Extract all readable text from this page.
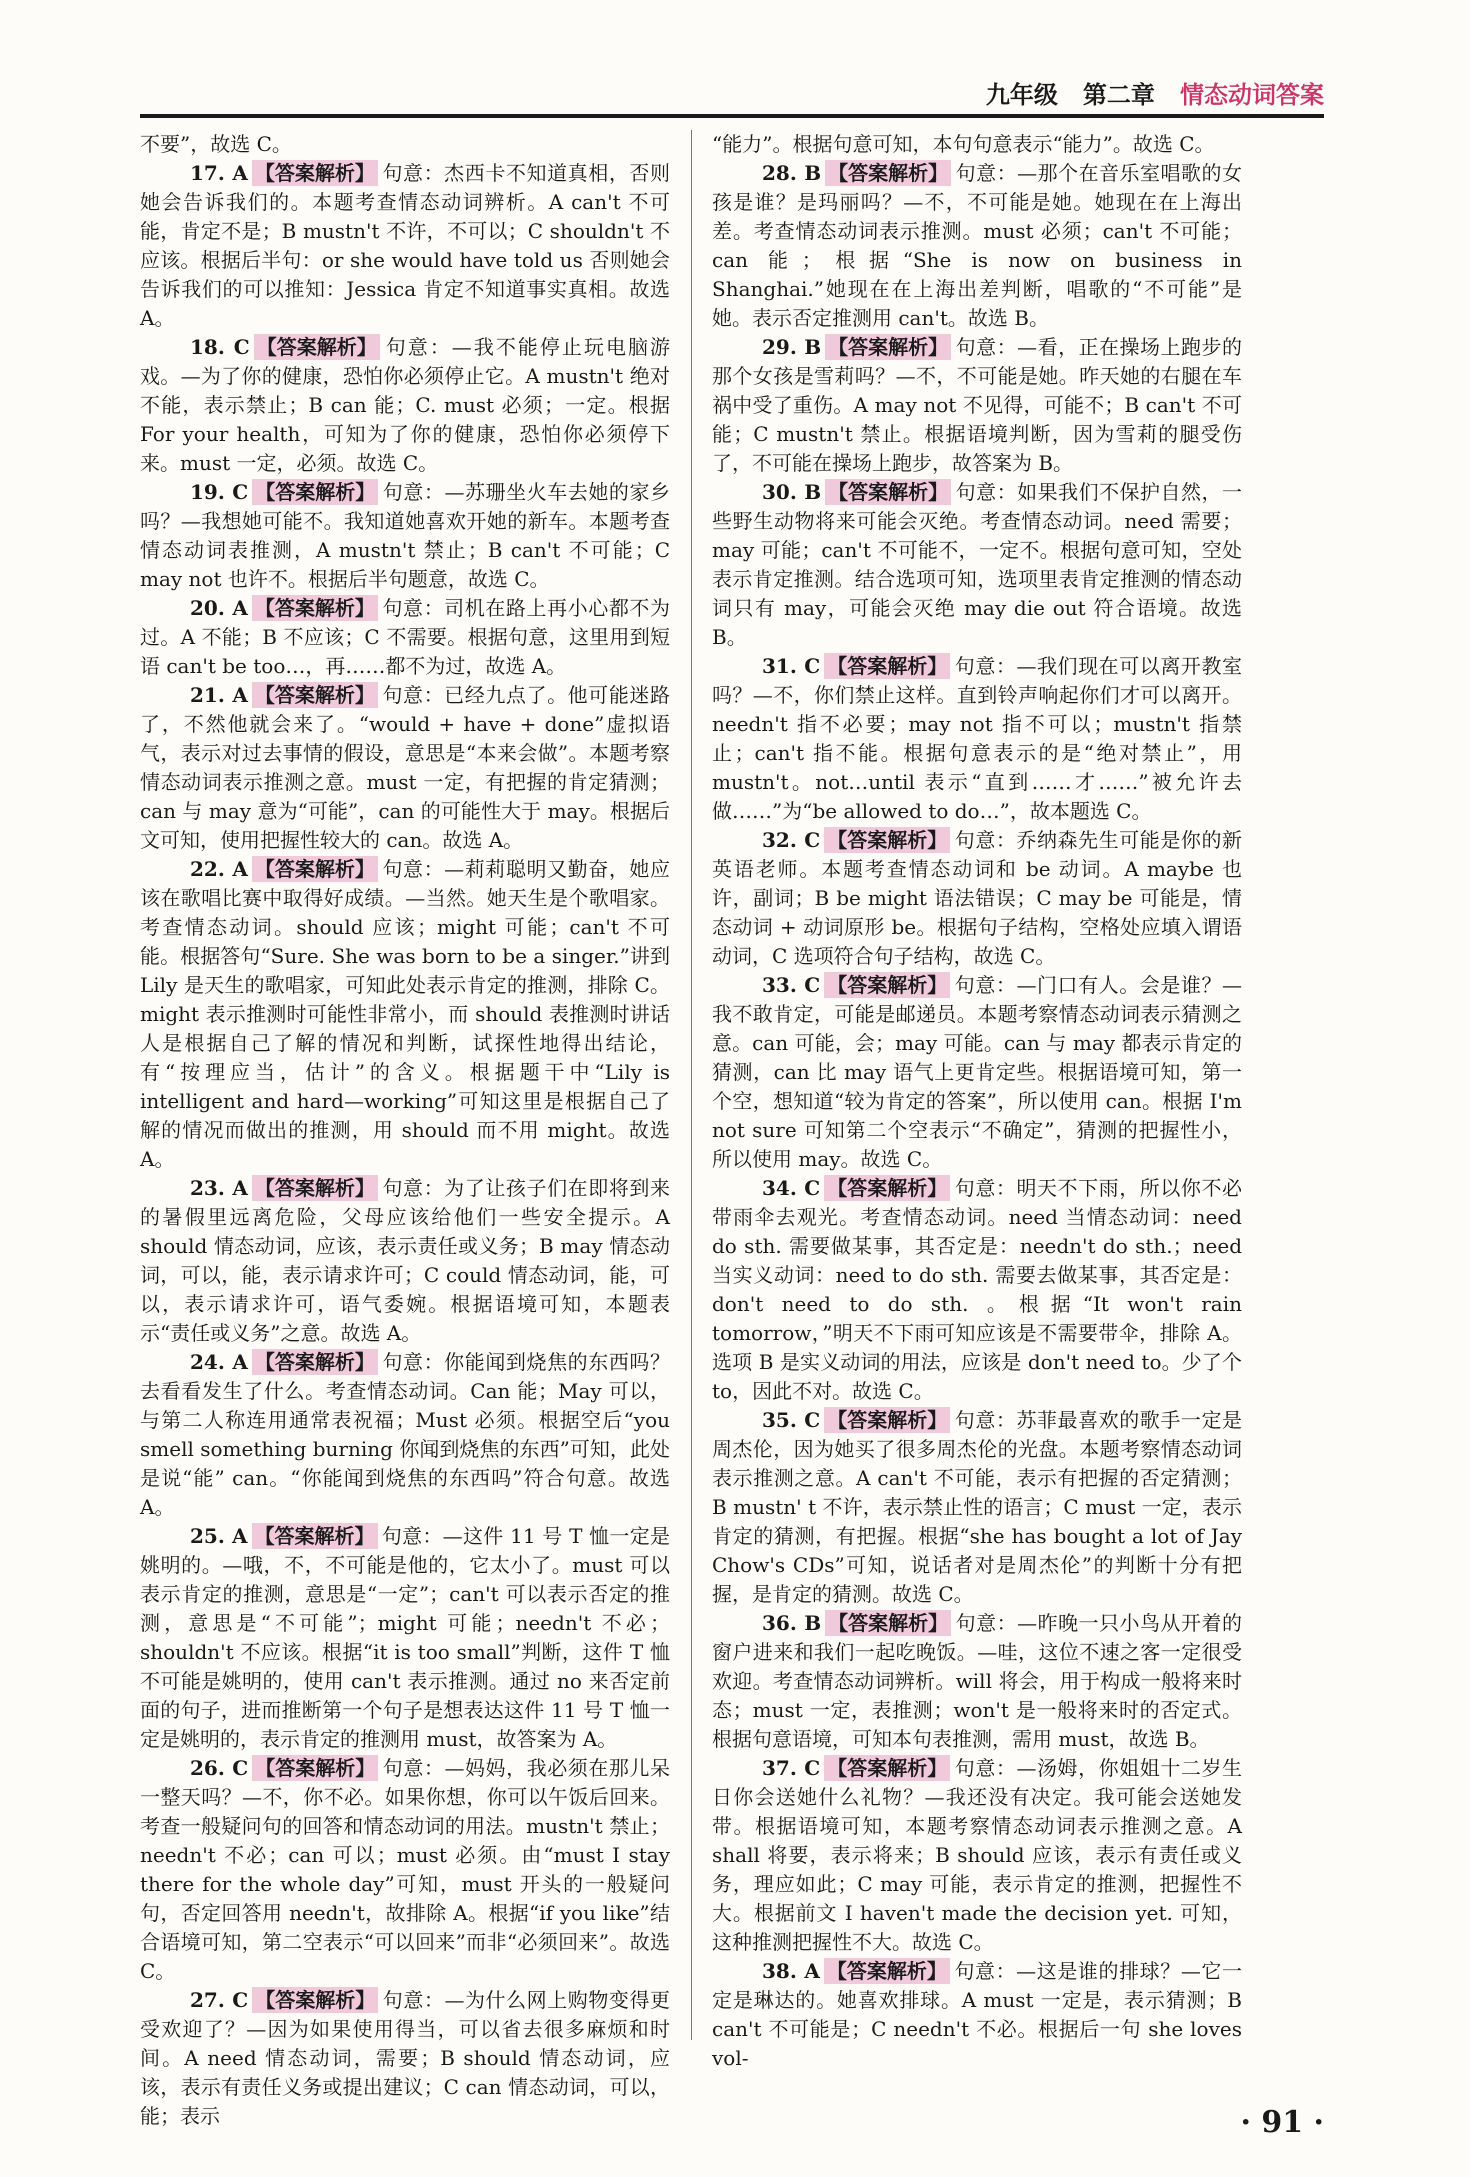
九年级 第二章 情态动词答案

不要”，故选 C。

17. A 【答案解析】 句意：杰西卡不知道真相，否则她会告诉我们的。本题考查情态动词辨析。A can't 不可能，肯定不是；B mustn't 不许，不可以；C shouldn't 不应该。根据后半句：or she would have told us 否则她会告诉我们的可以推知：Jessica 肯定不知道事实真相。故选 A。

18. C 【答案解析】 句意：—我不能停止玩电脑游戏。—为了你的健康，恐怕你必须停止它。A mustn't 绝对不能，表示禁止；B can 能；C. must 必须；一定。根据 For your health，可知为了你的健康，恐怕你必须停下来。must 一定，必须。故选 C。

19. C 【答案解析】 句意：—苏珊坐火车去她的家乡吗？—我想她可能不。我知道她喜欢开她的新车。本题考查情态动词表推测，A mustn't 禁止；B can't 不可能；C may not 也许不。根据后半句题意，故选 C。

20. A 【答案解析】 句意：司机在路上再小心都不为过。A 不能；B 不应该；C 不需要。根据句意，这里用到短语 can't be too…，再……都不为过，故选 A。

21. A 【答案解析】 句意：已经九点了。他可能迷路了，不然他就会来了。“would + have + done”虚拟语气，表示对过去事情的假设，意思是“本来会做”。本题考察情态动词表示推测之意。must 一定，有把握的肯定猜测；can 与 may 意为“可能”，can 的可能性大于 may。根据后文可知，使用把握性较大的 can。故选 A。

22. A 【答案解析】 句意：—莉莉聪明又勤奋，她应该在歌唱比赛中取得好成绩。—当然。她天生是个歌唱家。考查情态动词。should 应该；might 可能；can't 不可能。根据答句“Sure. She was born to be a singer.”讲到 Lily 是天生的歌唱家，可知此处表示肯定的推测，排除 C。might 表示推测时可能性非常小，而 should 表推测时讲话人是根据自己了解的情况和判断，试探性地得出结论，有“按理应当，估计”的含义。根据题干中“Lily is intelligent and hard—working”可知这里是根据自己了解的情况而做出的推测，用 should 而不用 might。故选 A。

23. A 【答案解析】 句意：为了让孩子们在即将到来的暑假里远离危险，父母应该给他们一些安全提示。A should 情态动词，应该，表示责任或义务；B may 情态动词，可以，能，表示请求许可；C could 情态动词，能，可以，表示请求许可，语气委婉。根据语境可知，本题表示“责任或义务”之意。故选 A。

24. A 【答案解析】 句意：你能闻到烧焦的东西吗？去看看发生了什么。考查情态动词。Can 能；May 可以，与第二人称连用通常表祝福；Must 必须。根据空后“you smell something burning 你闻到烧焦的东西”可知，此处是说“能” can。“你能闻到烧焦的东西吗”符合句意。故选 A。

25. A 【答案解析】 句意：—这件 11 号 T 恤一定是姚明的。—哦，不，不可能是他的，它太小了。must 可以表示肯定的推测，意思是“一定”；can't 可以表示否定的推测，意思是“不可能”；might 可能；needn't 不必；shouldn't 不应该。根据“it is too small”判断，这件 T 恤不可能是姚明的，使用 can't 表示推测。通过 no 来否定前面的句子，进而推断第一个句子是想表达这件 11 号 T 恤一定是姚明的，表示肯定的推测用 must，故答案为 A。

26. C 【答案解析】 句意：—妈妈，我必须在那儿呆一整天吗？—不，你不必。如果你想，你可以午饭后回来。考查一般疑问句的回答和情态动词的用法。mustn't 禁止；needn't 不必；can 可以；must 必须。由“must I stay there for the whole day”可知，must 开头的一般疑问句，否定回答用 needn't，故排除 A。根据“if you like”结合语境可知，第二空表示“可以回来”而非“必须回来”。故选 C。

27. C 【答案解析】 句意：—为什么网上购物变得更受欢迎了？—因为如果使用得当，可以省去很多麻烦和时间。A need 情态动词，需要；B should 情态动词，应该，表示有责任义务或提出建议；C can 情态动词，可以，能；表示

“能力”。根据句意可知，本句句意表示“能力”。故选 C。

28. B 【答案解析】 句意：—那个在音乐室唱歌的女孩是谁？是玛丽吗？—不，不可能是她。她现在在上海出差。考查情态动词表示推测。must 必须；can't 不可能；can 能；根据“She is now on business in Shanghai.”她现在在上海出差判断，唱歌的“不可能”是她。表示否定推测用 can't。故选 B。

29. B 【答案解析】 句意：—看，正在操场上跑步的那个女孩是雪莉吗？—不，不可能是她。昨天她的右腿在车祸中受了重伤。A may not 不见得，可能不；B can't 不可能；C mustn't 禁止。根据语境判断，因为雪莉的腿受伤了，不可能在操场上跑步，故答案为 B。

30. B 【答案解析】 句意：如果我们不保护自然，一些野生动物将来可能会灭绝。考查情态动词。need 需要；may 可能；can't 不可能不，一定不。根据句意可知，空处表示肯定推测。结合选项可知，选项里表肯定推测的情态动词只有 may，可能会灭绝 may die out 符合语境。故选 B。

31. C 【答案解析】 句意：—我们现在可以离开教室吗？—不，你们禁止这样。直到铃声响起你们才可以离开。needn't 指不必要；may not 指不可以；mustn't 指禁止；can't 指不能。根据句意表示的是“绝对禁止”，用 mustn't。not…until 表示“直到……才……”被允许去做……”为“be allowed to do…”，故本题选 C。

32. C 【答案解析】 句意：乔纳森先生可能是你的新英语老师。本题考查情态动词和 be 动词。A maybe 也许，副词；B be might 语法错误；C may be 可能是，情态动词 + 动词原形 be。根据句子结构，空格处应填入谓语动词，C 选项符合句子结构，故选 C。

33. C 【答案解析】 句意：—门口有人。会是谁？—我不敢肯定，可能是邮递员。本题考察情态动词表示猜测之意。can 可能，会；may 可能。can 与 may 都表示肯定的猜测，can 比 may 语气上更肯定些。根据语境可知，第一个空，想知道“较为肯定的答案”，所以使用 can。根据 I'm not sure 可知第二个空表示“不确定”，猜测的把握性小，所以使用 may。故选 C。

34. C 【答案解析】 句意：明天不下雨，所以你不必带雨伞去观光。考查情态动词。need 当情态动词：need do sth. 需要做某事，其否定是：needn't do sth.；need 当实义动词：need to do sth. 需要去做某事，其否定是：don't need to do sth. 。根据“It won't rain tomorrow，”明天不下雨可知应该是不需要带伞，排除 A。选项 B 是实义动词的用法，应该是 don't need to。少了个 to，因此不对。故选 C。

35. C 【答案解析】 句意：苏菲最喜欢的歌手一定是周杰伦，因为她买了很多周杰伦的光盘。本题考察情态动词表示推测之意。A can't 不可能，表示有把握的否定猜测；B mustn' t 不许，表示禁止性的语言；C must 一定，表示肯定的猜测，有把握。根据“she has bought a lot of Jay Chow's CDs”可知，说话者对是周杰伦”的判断十分有把握，是肯定的猜测。故选 C。

36. B 【答案解析】 句意：—昨晚一只小鸟从开着的窗户进来和我们一起吃晚饭。—哇，这位不速之客一定很受欢迎。考查情态动词辨析。will 将会，用于构成一般将来时态；must 一定，表推测；won't 是一般将来时的否定式。根据句意语境，可知本句表推测，需用 must，故选 B。

37. C 【答案解析】 句意：—汤姆，你姐姐十二岁生日你会送她什么礼物？—我还没有决定。我可能会送她发带。根据语境可知，本题考察情态动词表示推测之意。A shall 将要，表示将来；B should 应该，表示有责任或义务，理应如此；C may 可能，表示肯定的推测，把握性不大。根据前文 I haven't made the decision yet. 可知，这种推测把握性不大。故选 C。

38. A 【答案解析】 句意：—这是谁的排球？—它一定是琳达的。她喜欢排球。A must 一定是，表示猜测；B can't 不可能是；C needn't 不必。根据后一句 she loves vol-

· 91 ·
